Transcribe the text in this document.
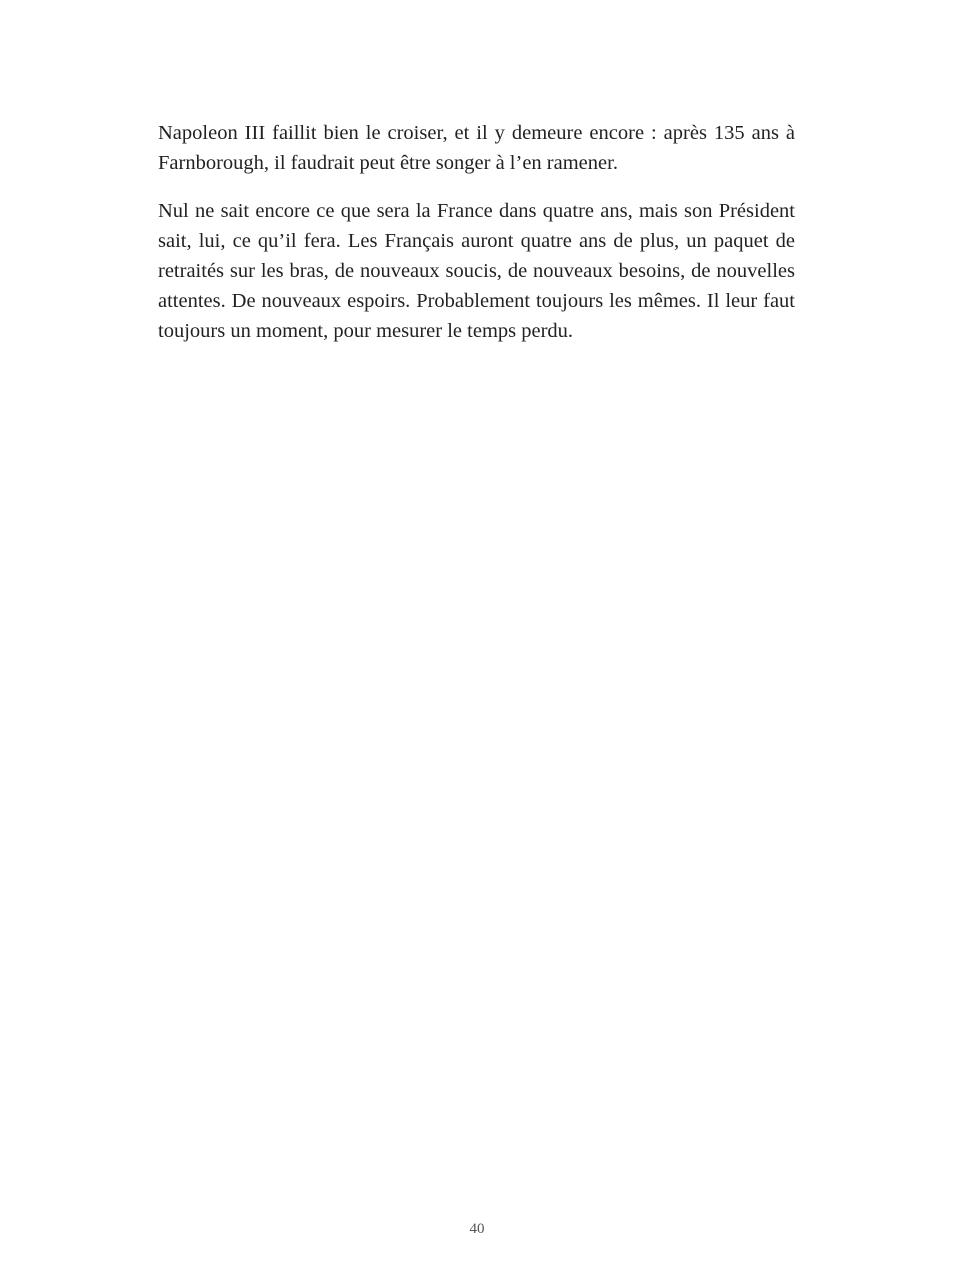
Napoleon III faillit bien le croiser, et il y demeure encore : après 135 ans à Farnborough, il faudrait peut être songer à l’en ramener.

Nul ne sait encore ce que sera la France dans quatre ans, mais son Président sait, lui, ce qu’il fera. Les Français auront quatre ans de plus, un paquet de retraités sur les bras, de nouveaux soucis, de nouveaux besoins, de nouvelles attentes. De nouveaux espoirs. Probablement toujours les mêmes. Il leur faut toujours un moment, pour mesurer le temps perdu.

40
